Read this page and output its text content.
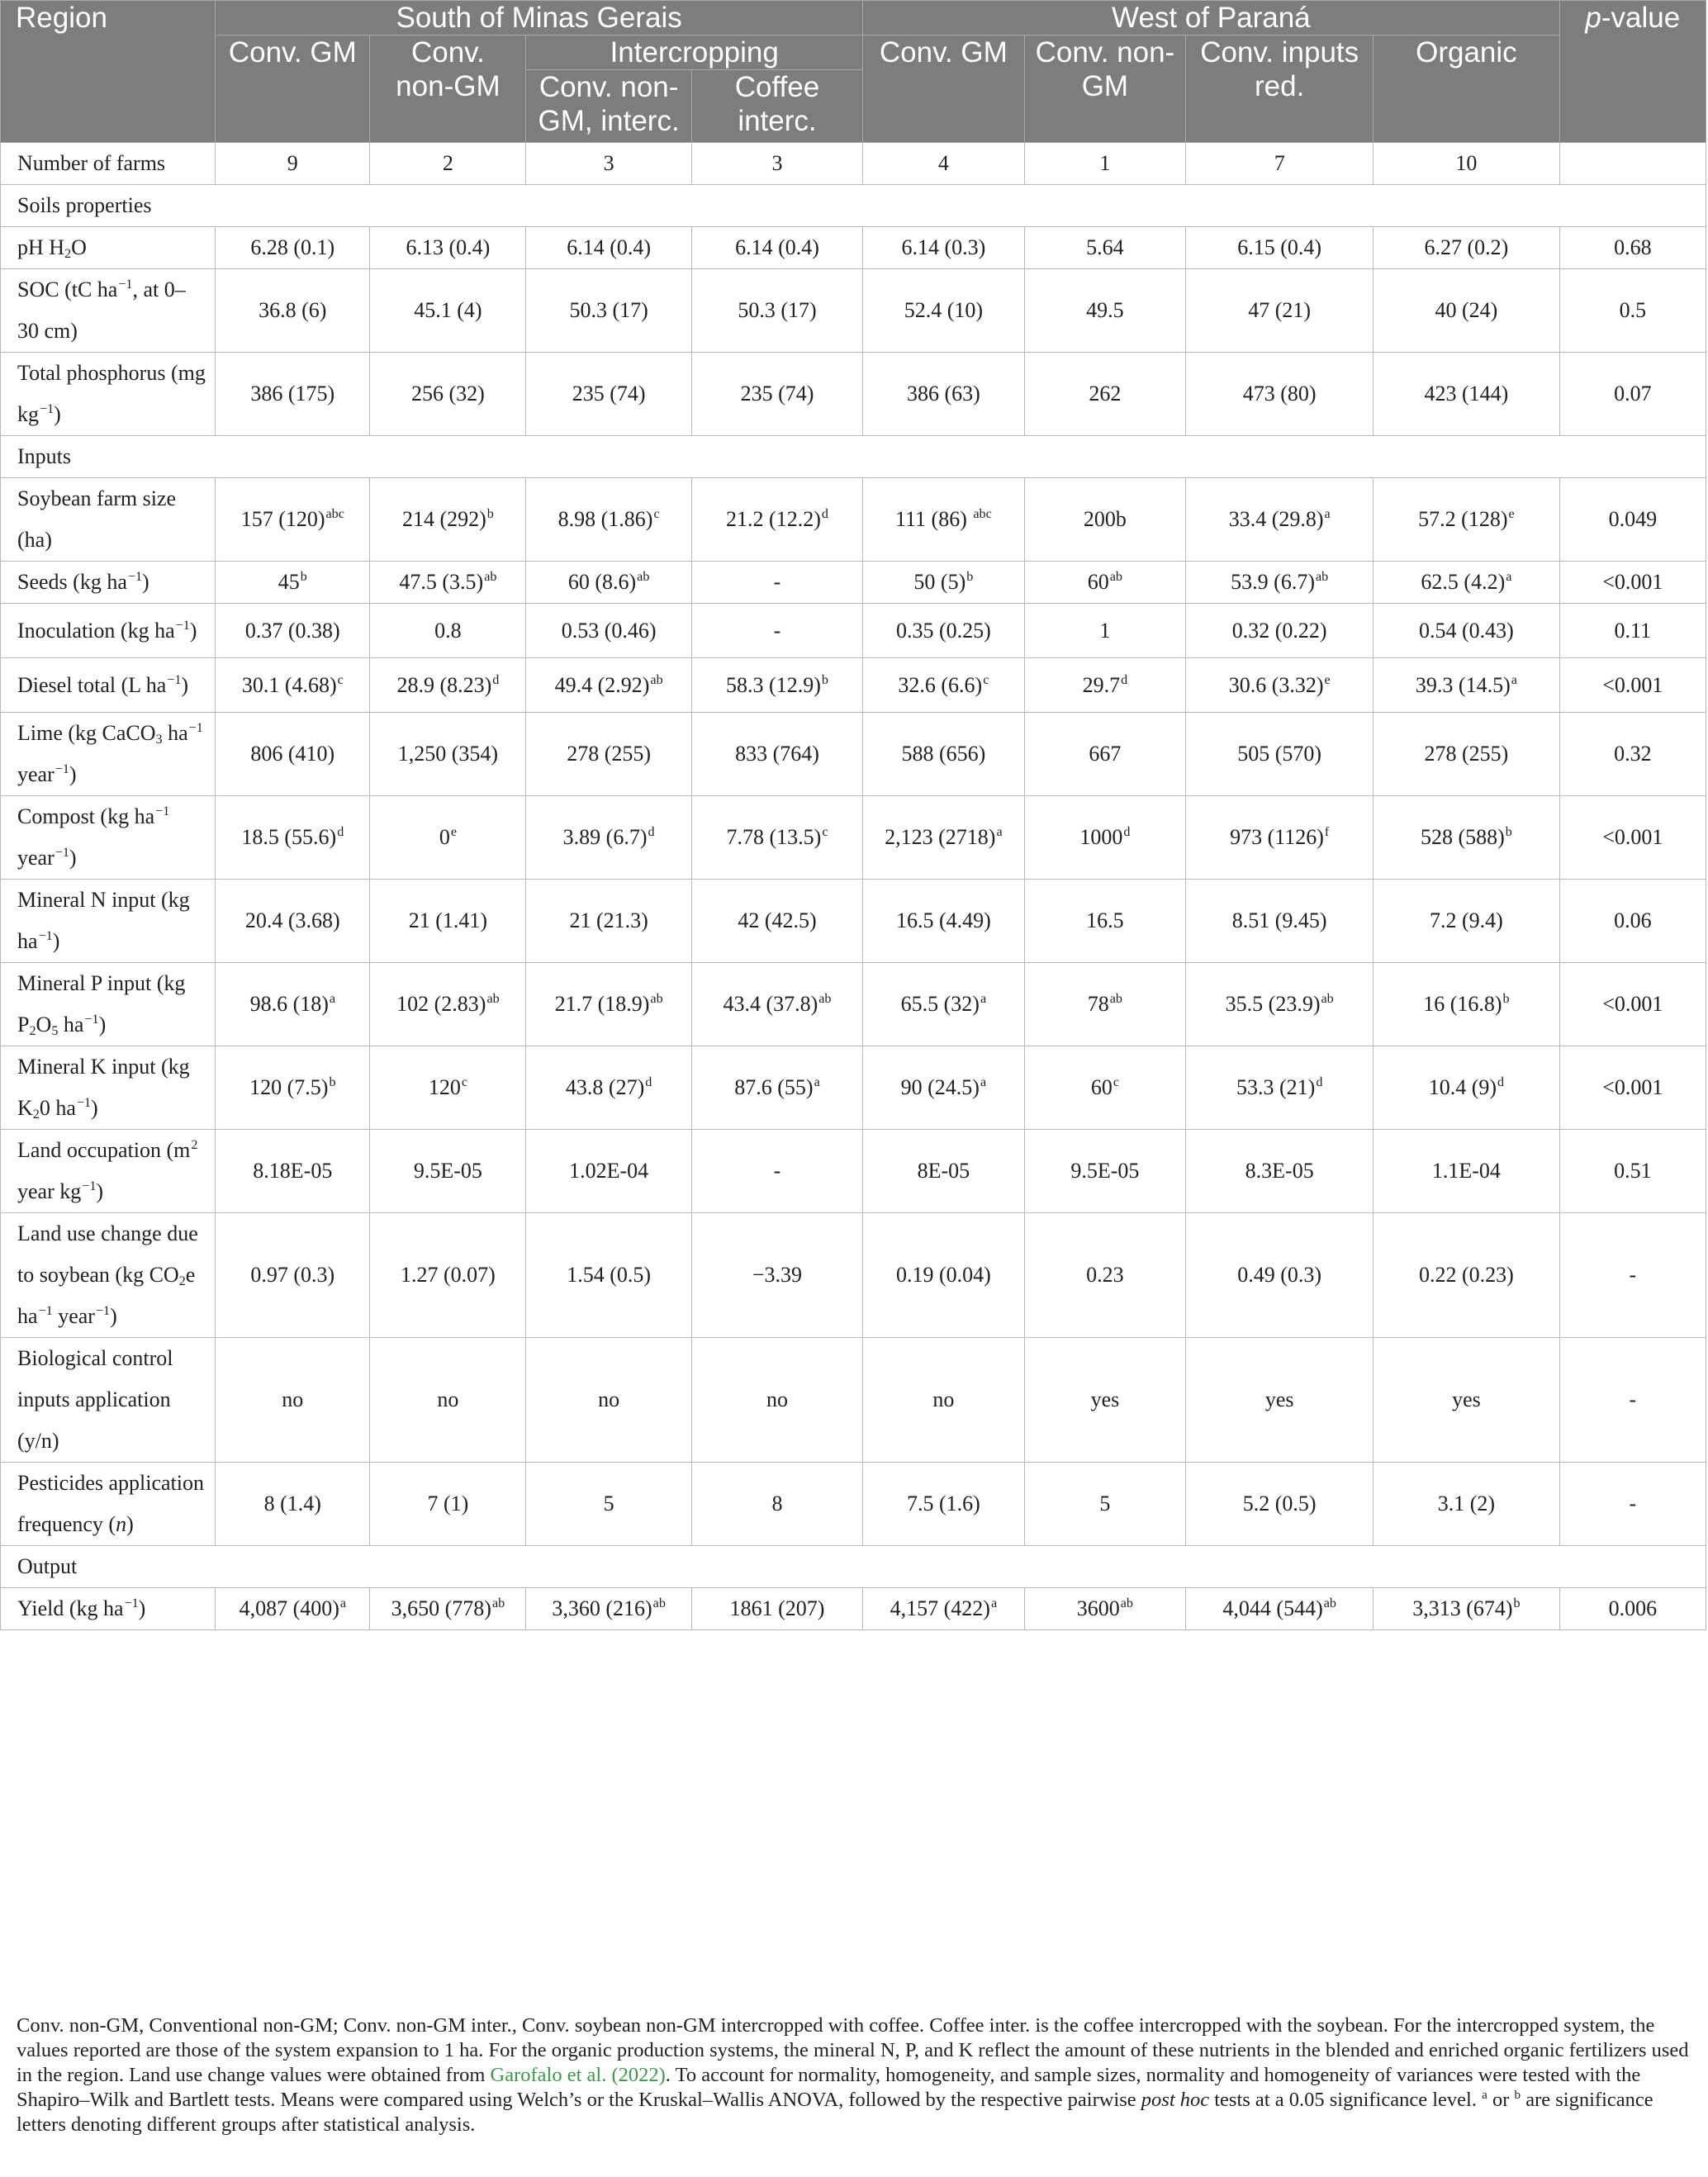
Region	South of Minas Gerais				West of Paraná				p-value
	Conv. GM	Conv. non-GM	Intercropping		Conv. GM	Conv. non-GM	Conv. inputs red.	Organic	
			Conv. non-GM, interc.	Coffee interc.					
Number of farms	9	2	3	3	4	1	7	10	
Soils properties									
pH $H_2O$	6.28 (0.1)	6.13 (0.4)	6.14 (0.4)	6.14 (0.4)	6.14 (0.3)	5.64	6.15 (0.4)	6.27 (0.2)	0.68
SOC (tC $ha^{-1}$, at 0–30 cm)	36.8 (6)	45.1 (4)	50.3 (17)	50.3 (17)	52.4 (10)	49.5	47 (21)	40 (24)	0.5
Total phosphorus (mg $kg^{-1}$)	386 (175)	256 (32)	235 (74)	235 (74)	386 (63)	262	473 (80)	423 (144)	0.07
Inputs									
Soybean farm size (ha)	157 $(120)^{abc}$	214 $(292)^b$	8.98 $(1.86)^c$	21.2 $(12.2)^d$	111 (86) $^{abc}$	200b	33.4 $(29.8)^a$	57.2 $(128)^e$	0.049
Seeds (kg $ha^{-1}$)	45$^b$	47.5 $(3.5)^{ab}$	60 $(8.6)^{ab}$	-	50 $(5)^b$	$60^{ab}$	53.9 $(6.7)^{ab}$	62.5 $(4.2)^a$	<0.001
Inoculation (kg $ha^{-1}$)	0.37 (0.38)	0.8	0.53 (0.46)	-	0.35 (0.25)	1	0.32 (0.22)	0.54 (0.43)	0.11
Diesel total (L $ha^{-1}$)	30.1 $(4.68)^c$	28.9 $(8.23)^d$	49.4 $(2.92)^{ab}$	58.3 $(12.9)^b$	32.6 $(6.6)^c$	29.7$^d$	30.6 $(3.32)^e$	39.3 $(14.5)^a$	<0.001
Lime (kg CaCO$_3$ $ha^{-1}$ year$^{-1}$)	806 (410)	1,250 (354)	278 (255)	833 (764)	588 (656)	667	505 (570)	278 (255)	0.32
Compost (kg $ha^{-1}$ year$^{-1}$)	18.5 $(55.6)^d$	0e	3.89 $(6.7)^d$	7.78 $(13.5)^c$	2,123 $(2718)^a$	1000$^d$	973 $(1126)^f$	528 $(588)^b$	<0.001
Mineral N input (kg $ha^{-1}$)	20.4 (3.68)	21 (1.41)	21 (21.3)	42 (42.5)	16.5 (4.49)	16.5	8.51 (9.45)	7.2 (9.4)	0.06
Mineral P input (kg $P_2O_5$ $ha^{-1}$)	98.6 $(18)^a$	102 $(2.83)^{ab}$	21.7 $(18.9)^{ab}$	43.4 $(37.8)^{ab}$	65.5 $(32)^a$	$78^{ab}$	35.5 $(23.9)^{ab}$	16 $(16.8)^b$	<0.001
Mineral K input (kg $K_20$ $ha^{-1}$)	120 $(7.5)^b$	120$^c$	43.8 $(27)^d$	87.6 $(55)^a$	90 $(24.5)^a$	60$^c$	53.3 $(21)^d$	10.4 $(9)^d$	<0.001
Land occupation ($m^2$ year $kg^{-1}$)	8.18E-05	9.5E-05	1.02E-04	-	8E-05	9.5E-05	8.3E-05	1.1E-04	0.51
Land use change due to soybean (kg $CO_2e$ $ha^{-1}$ year$^{-1}$)	0.97 (0.3)	1.27 (0.07)	1.54 (0.5)	−3.39	0.19 (0.04)	0.23	0.49 (0.3)	0.22 (0.23)	-
Biological control inputs application (y/n)	no	no	no	no	no	yes	yes	yes	-
Pesticides application frequency (n)	8 (1.4)	7 (1)	5	8	7.5 (1.6)	5	5.2 (0.5)	3.1 (2)	-
Output									
Yield (kg $ha^{-1}$)	4,087 $(400)^a$	3,650 $(778)^{ab}$	3,360 $(216)^{ab}$	1861 (207)	4,157 $(422)^a$	$3600^{ab}$	4,044 $(544)^{ab}$	3,313 $(674)^b$	0.006
Conv. non-GM, Conventional non-GM; Conv. non-GM inter., Conv. soybean non-GM intercropped with coffee. Coffee inter. is the coffee intercropped with the soybean. For the intercropped system, the values reported are those of the system expansion to 1 ha. For the organic production systems, the mineral N, P, and K reflect the amount of these nutrients in the blended and enriched organic fertilizers used in the region. Land use change values were obtained from Garofalo et al. (2022). To account for normality, homogeneity, and sample sizes, normality and homogeneity of variances were tested with the Shapiro–Wilk and Bartlett tests. Means were compared using Welch’s or the Kruskal–Wallis ANOVA, followed by the respective pairwise post hoc tests at a 0.05 significance level. $^a$ or $^b$ are significance letters denoting different groups after statistical analysis.
